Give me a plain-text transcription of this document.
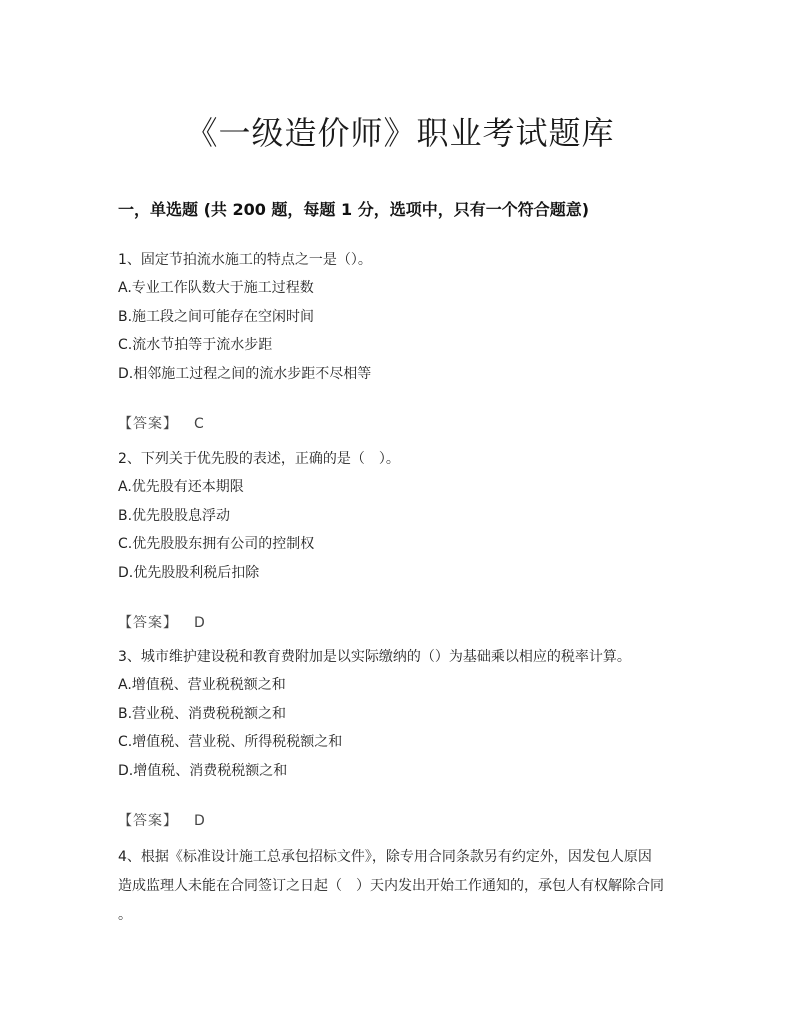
《一级造价师》职业考试题库
一，单选题 (共 200 题，每题 1 分，选项中，只有一个符合题意)

1、固定节拍流水施工的特点之一是（）。

A.专业工作队数大于施工过程数

B.施工段之间可能存在空闲时间

C.流水节拍等于流水步距

D.相邻施工过程之间的流水步距不尽相等

【答案】 C

2、下列关于优先股的表述，正确的是（　）。

A.优先股有还本期限

B.优先股股息浮动

C.优先股股东拥有公司的控制权

D.优先股股利税后扣除

【答案】 D

3、城市维护建设税和教育费附加是以实际缴纳的（）为基础乘以相应的税率计算。

A.增值税、营业税税额之和

B.营业税、消费税税额之和

C.增值税、营业税、所得税税额之和

D.增值税、消费税税额之和

【答案】 D

4、根据《标准设计施工总承包招标文件》，除专用合同条款另有约定外，因发包人原因

造成监理人未能在合同签订之日起（　）天内发出开始工作通知的，承包人有权解除合同

。
